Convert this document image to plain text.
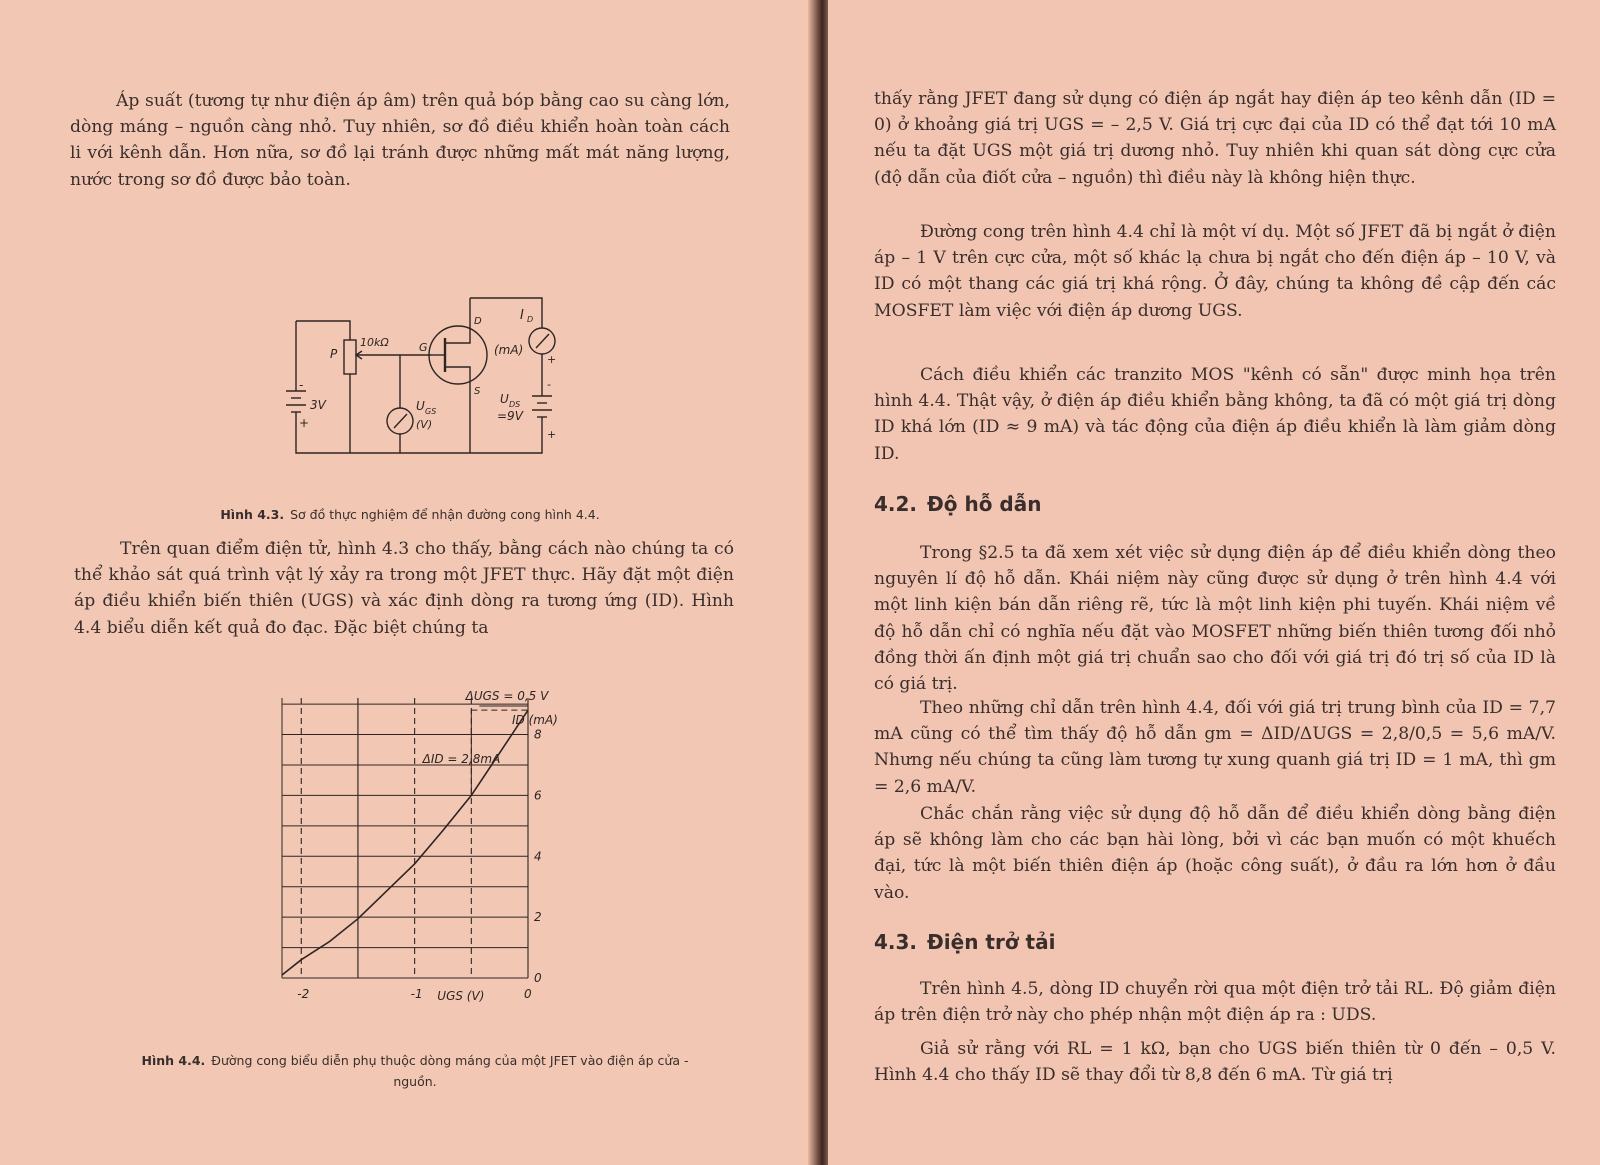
Áp suất (tương tự như điện áp âm) trên quả bóp bằng cao su càng lớn, dòng máng – nguồn càng nhỏ. Tuy nhiên, sơ đồ điều khiển hoàn toàn cách li với kênh dẫn. Hơn nữa, sơ đồ lại tránh được những mất mát năng lượng, nước trong sơ đồ được bảo toàn.

P
10kΩ	G
D
S
I D
(mA)
3V
-
+
U GS
(V)
U DS
=9V
-
+
+

Hình 4.3. Sơ đồ thực nghiệm để nhận đường cong hình 4.4.

Trên quan điểm điện tử, hình 4.3 cho thấy, bằng cách nào chúng ta có thể khảo sát quá trình vật lý xảy ra trong một JFET thực. Hãy đặt một điện áp điều khiển biến thiên (UGS) và xác định dòng ra tương ứng (ID). Hình 4.4 biểu diễn kết quả đo đạc. Đặc biệt chúng ta

-2	-1	0
0
2
4
6
8
UGS (V)
ID (mA)
ΔUGS = 0,5 V
ΔID = 2,8mA

Hình 4.4. Đường cong biểu diễn phụ thuộc dòng máng của một JFET vào điện áp cửa - nguồn.

thấy rằng JFET đang sử dụng có điện áp ngắt hay điện áp teo kênh dẫn (ID = 0) ở khoảng giá trị UGS = – 2,5 V. Giá trị cực đại của ID có thể đạt tới 10 mA nếu ta đặt UGS một giá trị dương nhỏ. Tuy nhiên khi quan sát dòng cực cửa (độ dẫn của điốt cửa – nguồn) thì điều này là không hiện thực.

Đường cong trên hình 4.4 chỉ là một ví dụ. Một số JFET đã bị ngắt ở điện áp – 1 V trên cực cửa, một số khác lạ chưa bị ngắt cho đến điện áp – 10 V, và ID có một thang các giá trị khá rộng. Ở đây, chúng ta không đề cập đến các MOSFET làm việc với điện áp dương UGS.

Cách điều khiển các tranzito MOS "kênh có sẵn" được minh họa trên hình 4.4. Thật vậy, ở điện áp điều khiển bằng không, ta đã có một giá trị dòng ID khá lớn (ID ≈ 9 mA) và tác động của điện áp điều khiển là làm giảm dòng ID.

4.2. Độ hỗ dẫn

Trong §2.5 ta đã xem xét việc sử dụng điện áp để điều khiển dòng theo nguyên lí độ hỗ dẫn. Khái niệm này cũng được sử dụng ở trên hình 4.4 với một linh kiện bán dẫn riêng rẽ, tức là một linh kiện phi tuyến. Khái niệm về độ hỗ dẫn chỉ có nghĩa nếu đặt vào MOSFET những biến thiên tương đối nhỏ đồng thời ấn định một giá trị chuẩn sao cho đối với giá trị đó trị số của ID là có giá trị.

Theo những chỉ dẫn trên hình 4.4, đối với giá trị trung bình của ID = 7,7 mA cũng có thể tìm thấy độ hỗ dẫn gm = ΔID/ΔUGS = 2,8/0,5 = 5,6 mA/V. Nhưng nếu chúng ta cũng làm tương tự xung quanh giá trị ID = 1 mA, thì gm = 2,6 mA/V.

Chắc chắn rằng việc sử dụng độ hỗ dẫn để điều khiển dòng bằng điện áp sẽ không làm cho các bạn hài lòng, bởi vì các bạn muốn có một khuếch đại, tức là một biến thiên điện áp (hoặc công suất), ở đầu ra lớn hơn ở đầu vào.

4.3. Điện trở tải

Trên hình 4.5, dòng ID chuyển rời qua một điện trở tải RL. Độ giảm điện áp trên điện trở này cho phép nhận một điện áp ra : UDS.

Giả sử rằng với RL = 1 kΩ, bạn cho UGS biến thiên từ 0 đến – 0,5 V. Hình 4.4 cho thấy ID sẽ thay đổi từ 8,8 đến 6 mA. Từ giá trị
